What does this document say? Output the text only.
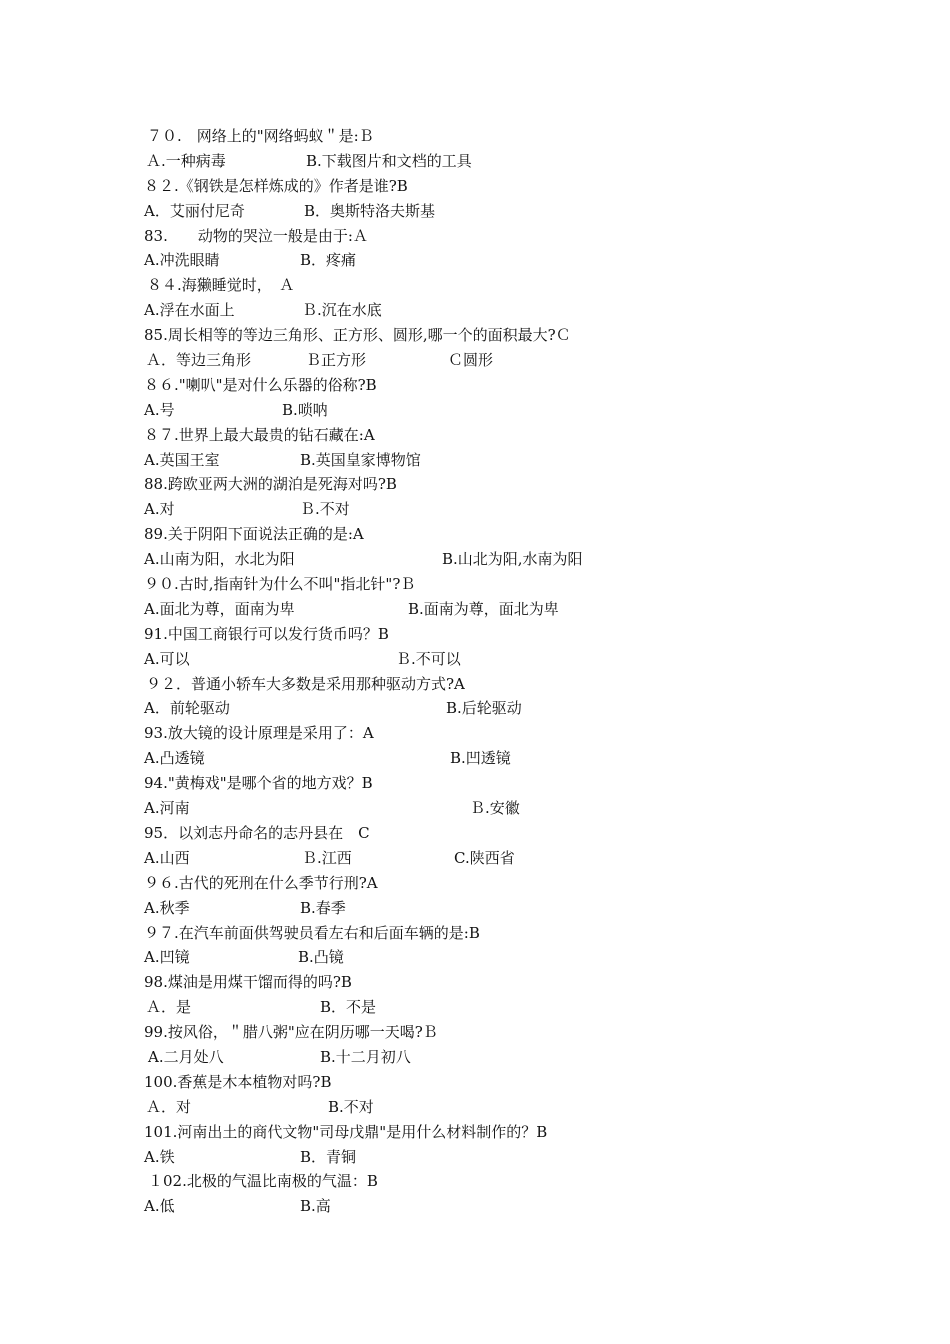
７０.　网络上的"网络蚂蚁＂是:Ｂ
Ａ.一种病毒	B.下载图片和文档的工具
８２.《钢铁是怎样炼成的》作者是谁?B
A．艾丽付尼奇	B．奥斯特洛夫斯基
83.　　动物的哭泣一般是由于:Ａ
A.冲洗眼睛	B．疼痛
８４.海獭睡觉时，　Ａ
A.浮在水面上	Ｂ.沉在水底
85.周长相等的等边三角形、正方形、圆形,哪一个的面积最大?Ｃ
Ａ．等边三角形	Ｂ正方形	Ｃ圆形
８６."喇叭"是对什么乐器的俗称?B
A.号	B.唢呐
８７.世界上最大最贵的钻石藏在:A
A.英国王室	B.英国皇家博物馆
88.跨欧亚两大洲的湖泊是死海对吗?B
A.对	Ｂ.不对
89.关于阴阳下面说法正确的是:A
A.山南为阳，水北为阳	B.山北为阳,水南为阳
９０.古时,指南针为什么不叫"指北针"?Ｂ
A.面北为尊，面南为卑	B.面南为尊，面北为卑
91.中国工商银行可以发行货币吗？B
A.可以	Ｂ.不可以
９２．普通小轿车大多数是采用那种驱动方式?A
A．前轮驱动	B.后轮驱动
93.放大镜的设计原理是采用了：A
A.凸透镜	B.凹透镜
94."黄梅戏"是哪个省的地方戏？B
A.河南	Ｂ.安徽
95．以刘志丹命名的志丹县在　C
A.山西	Ｂ.江西	C.陕西省
９６.古代的死刑在什么季节行刑?A
A.秋季	B.春季
９７.在汽车前面供驾驶员看左右和后面车辆的是:B
A.凹镜	B.凸镜
98.煤油是用煤干馏而得的吗?B
Ａ．是	B．不是
99.按风俗，＂腊八粥"应在阴历哪一天喝?Ｂ
A.二月处八	B.十二月初八
100.香蕉是木本植物对吗?B
Ａ．对	B.不对
101.河南出土的商代文物"司母戊鼎"是用什么材料制作的？B
A.铁	B．青铜
１02.北极的气温比南极的气温：B
A.低	B.高
